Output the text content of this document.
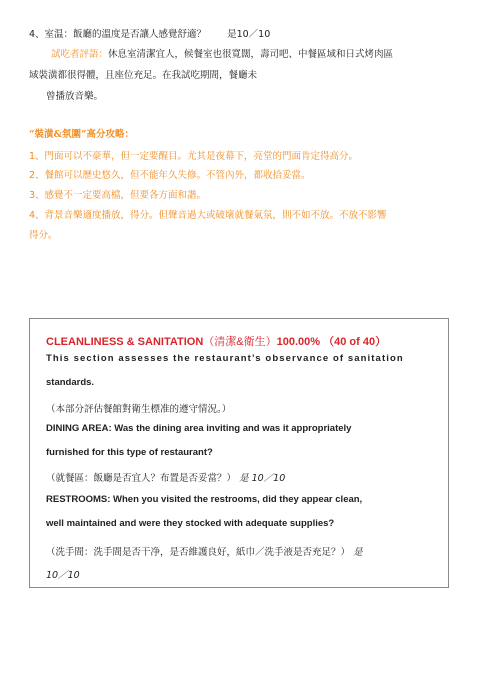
4、室温：飯廳的溫度是否讓人感覺舒適？ 是10／10
試吃者評語：休息室清潔宜人，候餐室也很寬闊，壽司吧、中餐區域和日式烤肉區
域裝潢都很得體，且座位充足。在我試吃期間，餐廳未
曾播放音樂。
“裝潢&氛圍”高分攻略：
1、門面可以不豪華，但一定要醒目。尤其是夜幕下，亮堂的門面肯定得高分。
2、餐館可以歷史悠久，但不能年久失修。不管內外，都收拾妥當。
3、感覺不一定要高檔，但要各方面和諧。
4、背景音樂適度播放，得分。但聲音過大或破壞就餐氣氛，則不如不放。不放不影響
得分。
CLEANLINESS & SANITATION（清潔&衛生）100.00% （40 of 40）
This section assesses the restaurant’s observance of sanitation
standards.
（本部分評估餐館對衛生標准的遵守情況。）
DINING AREA: Was the dining area inviting and was it appropriately
furnished for this type of restaurant?
（就餐區：飯廳是否宜人？布置是否妥當？） 是 10／10
RESTROOMS: When you visited the restrooms, did they appear clean,
well maintained and were they stocked with adequate supplies?
（洗手間：洗手間是否干净，是否維護良好，紙巾／洗手液是否充足？） 是
10／10
